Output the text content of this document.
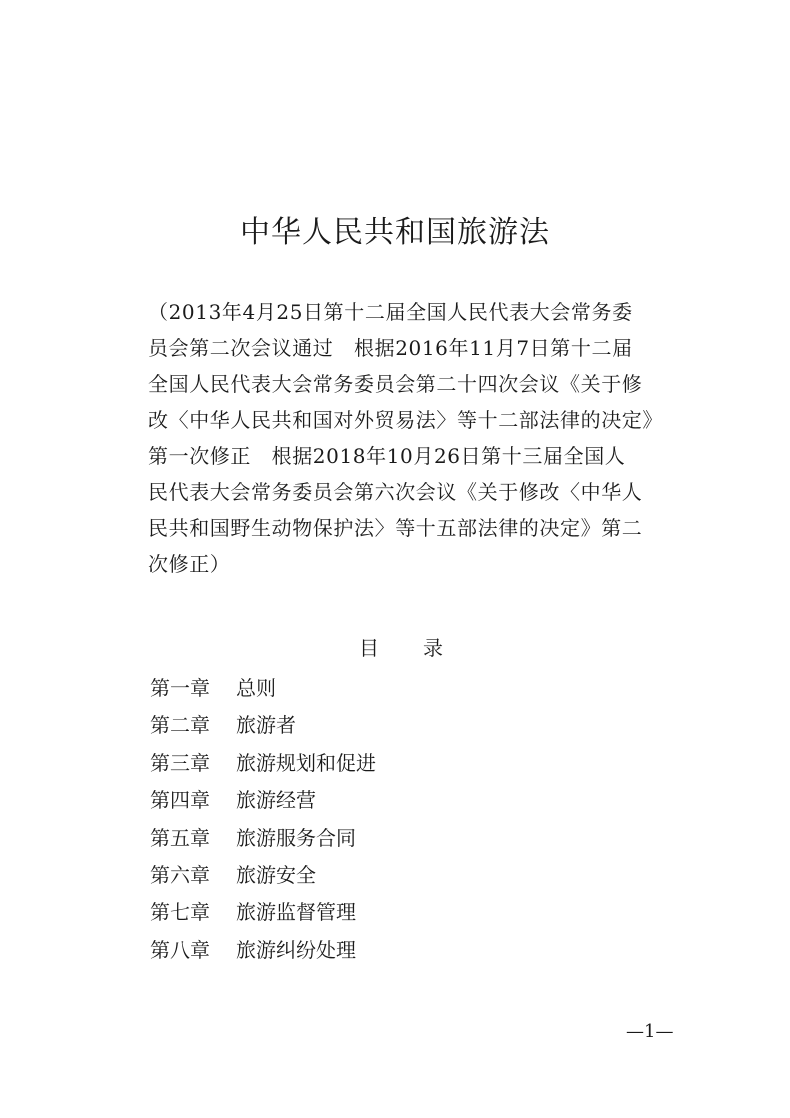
中华人民共和国旅游法
（2013年4月25日第十二届全国人民代表大会常务委
员会第二次会议通过　根据2016年11月7日第十二届
全国人民代表大会常务委员会第二十四次会议《关于修
改〈中华人民共和国对外贸易法〉等十二部法律的决定》
第一次修正　根据2018年10月26日第十三届全国人
民代表大会常务委员会第六次会议《关于修改〈中华人
民共和国野生动物保护法〉等十五部法律的决定》第二
次修正）
目 录
第一章 总则
第二章 旅游者
第三章 旅游规划和促进
第四章 旅游经营
第五章 旅游服务合同
第六章 旅游安全
第七章 旅游监督管理
第八章 旅游纠纷处理
—1—
